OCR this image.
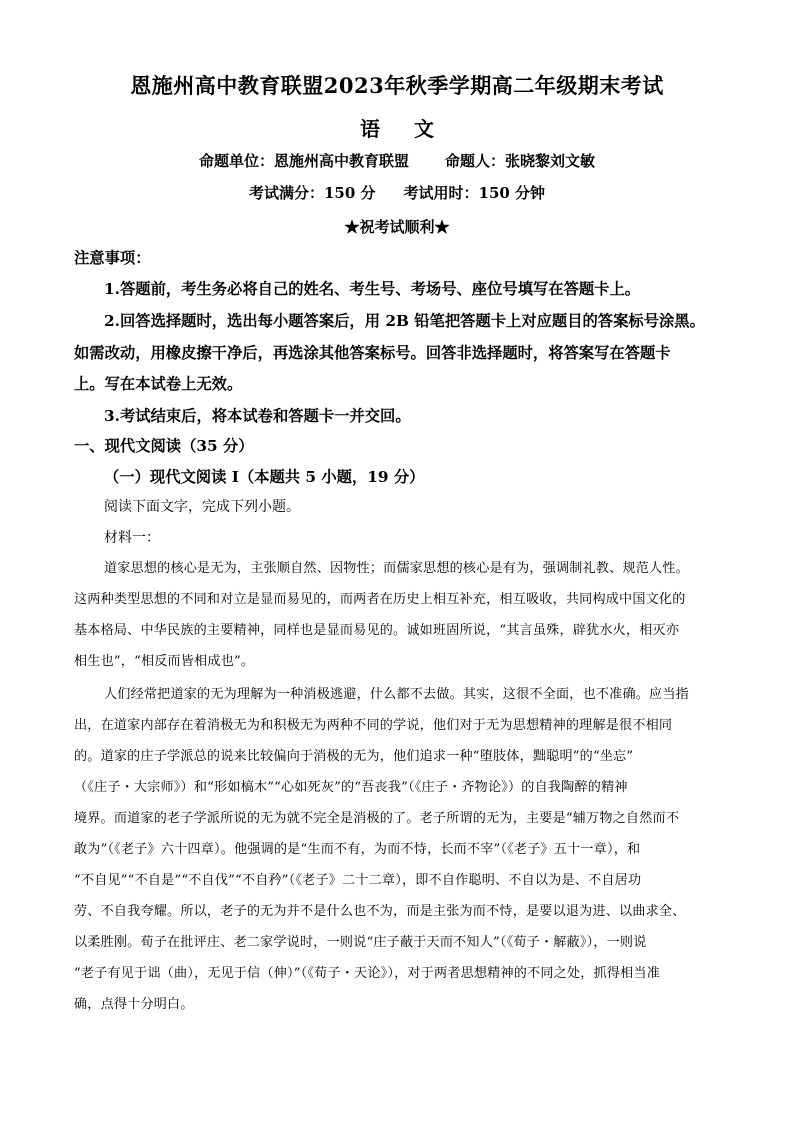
恩施州高中教育联盟2023年秋季学期高二年级期末考试
语文
命题单位：恩施州高中教育联盟 命题人：张晓黎刘文敏
考试满分：150 分 考试用时：150 分钟
★祝考试顺利★
注意事项：
1.答题前，考生务必将自己的姓名、考生号、考场号、座位号填写在答题卡上。
2.回答选择题时，选出每小题答案后，用 2B 铅笔把答题卡上对应题目的答案标号涂黑。
如需改动，用橡皮擦干净后，再选涂其他答案标号。回答非选择题时，将答案写在答题卡
上。写在本试卷上无效。
3.考试结束后，将本试卷和答题卡一并交回。
一、现代文阅读（35 分）
（一）现代文阅读 I（本题共 5 小题，19 分）
阅读下面文字，完成下列小题。
材料一：
道家思想的核心是无为，主张顺自然、因物性；而儒家思想的核心是有为，强调制礼教、规范人性。
这两种类型思想的不同和对立是显而易见的，而两者在历史上相互补充，相互吸收，共同构成中国文化的
基本格局、中华民族的主要精神，同样也是显而易见的。诚如班固所说，“其言虽殊，辟犹水火，相灭亦
相生也”，“相反而皆相成也”。
人们经常把道家的无为理解为一种消极逃避，什么都不去做。其实，这很不全面，也不准确。应当指
出，在道家内部存在着消极无为和积极无为两种不同的学说，他们对于无为思想精神的理解是很不相同
的。道家的庄子学派总的说来比较偏向于消极的无为，他们追求一种“堕肢体，黜聪明”的“坐忘”
（《庄子・大宗师》）和“形如槁木”“心如死灰”的“吾丧我”（《庄子・齐物论》）的自我陶醉的精神
境界。而道家的老子学派所说的无为就不完全是消极的了。老子所谓的无为，主要是“辅万物之自然而不
敢为”（《老子》六十四章）。他强调的是“生而不有，为而不恃，长而不宰”（《老子》五十一章），和
“不自见”“不自是”“不自伐”“不自矜”（《老子》二十二章），即不自作聪明、不自以为是、不自居功
劳、不自我夸耀。所以，老子的无为并不是什么也不为，而是主张为而不恃，是要以退为进、以曲求全、
以柔胜刚。荀子在批评庄、老二家学说时，一则说“庄子蔽于天而不知人”（《荀子・解蔽》），一则说
“老子有见于诎（曲），无见于信（伸）”（《荀子・天论》），对于两者思想精神的不同之处，抓得相当准
确，点得十分明白。
